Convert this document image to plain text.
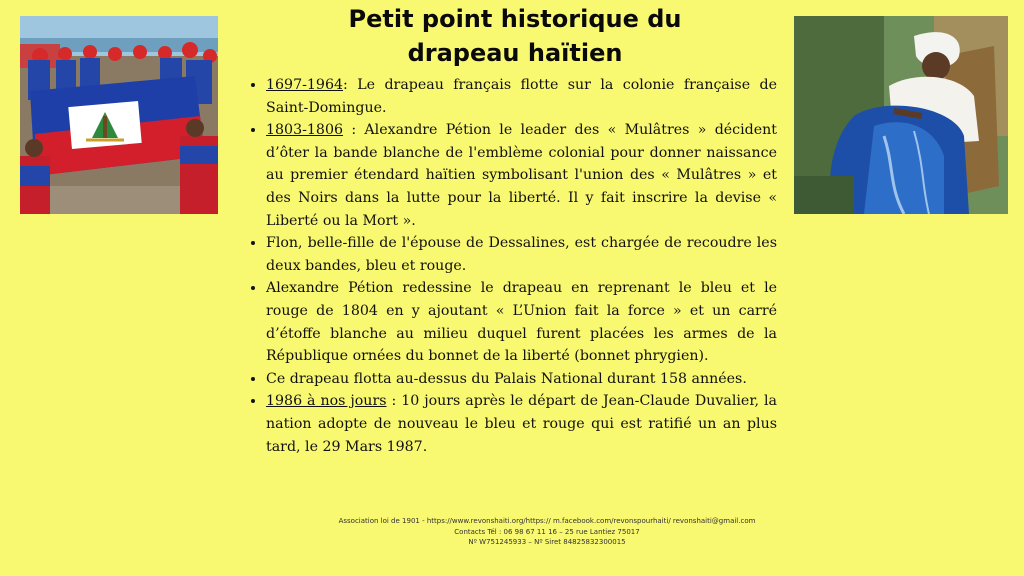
Petit point historique du
drapeau haïtien
• 1697-1964: Le drapeau français flotte sur la colonie française de Saint-Domingue.
• 1803-1806 : Alexandre Pétion le leader des « Mulâtres » décident d’ôter la bande blanche de l'emblème colonial pour donner naissance au premier étendard haïtien symbolisant l'union des « Mulâtres » et des Noirs dans la lutte pour la liberté. Il y fait inscrire la devise « Liberté ou la Mort ».
• Flon, belle-fille de l'épouse de Dessalines, est chargée de recoudre les deux bandes, bleu et rouge.
• Alexandre Pétion redessine le drapeau en reprenant le bleu et le rouge de 1804 en y ajoutant « L’Union fait la force » et un carré d’étoffe blanche au milieu duquel furent placées les armes de la République ornées du bonnet de la liberté (bonnet phrygien).
• Ce drapeau flotta au-dessus du Palais National durant 158 années.
• 1986 à nos jours : 10 jours après le départ de Jean-Claude Duvalier, la nation adopte de nouveau le bleu et rouge qui est ratifié un an plus tard, le 29 Mars 1987.
Association loi de 1901 - https://www.revonshaiti.org/https:// m.facebook.com/revonspourhaiti/ revonshaiti@gmail.com
Contacts Tél : 06 98 67 11 16 – 25 rue Lantiez 75017
Nº W751245933 – Nº Siret 84825832300015
